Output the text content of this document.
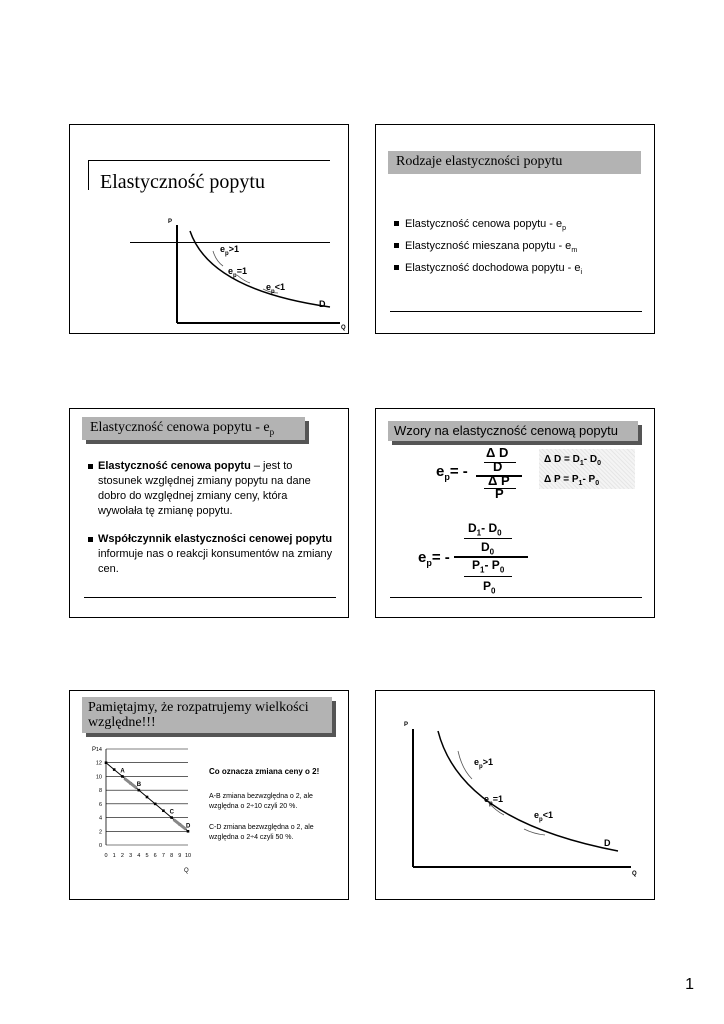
Elastyczność popytu
P
Q
D
$e_p>1$
$e_p=1$
$e_p<1$
Rodzaje elastyczności popytu
Elastyczność cenowa popytu - $e_p$
Elastyczność mieszana popytu - $e_m$
Elastyczność dochodowa popytu - $e_i$
Elastyczność cenowa popytu - $e_p$
Elastyczność cenowa popytu – jest to stosunek względnej zmiany popytu na dane dobro do względnej zmiany ceny, która wywołała tę zmianę popytu.
Współczynnik elastyczności cenowej popytu informuje nas o reakcji konsumentów na zmiany cen.
Wzory na elastyczność cenową popytu
$e_p=$ -
Δ D
D
Δ P
P
Δ $D = D_1-$ $D_0$
Δ $P = P_1-$ $P_0$
$D_1-$ $D_0$
$D_0$
$e_p= - P_1-$ $P_0$
$P_0$
Pamiętajmy, że rozpatrujemy wielkości względne!!!
0
2
4
6
8
10
12
14
0 1 2 3 4 5 6 7 8 9 10
P
Q
A
B
C
D
Co oznacza zmiana ceny o 2!
A-B zmiana bezwzględna o 2, ale względna o 2÷10 czyli 20 %.
C-D zmiana bezwzględna o 2, ale względna o 2÷4 czyli 50 %.
P
Q
D
$e_p>1$
$e_p=1$
$e_p<1$
1
